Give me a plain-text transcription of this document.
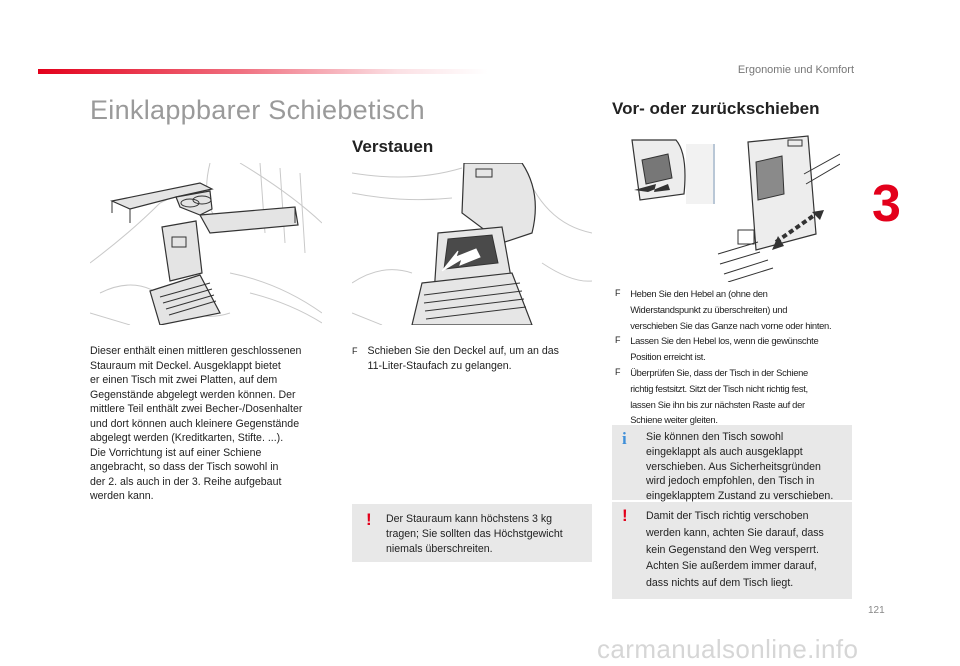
Ergonomie und Komfort
3
Einklappbarer Schiebetisch
Dieser enthält einen mittleren geschlossenen
Stauraum mit Deckel. Ausgeklappt bietet
er einen Tisch mit zwei Platten, auf dem
Gegenstände abgelegt werden können. Der
mittlere Teil enthält zwei Becher-/Dosenhalter
und dort können auch kleinere Gegenstände
abgelegt werden (Kreditkarten, Stifte. ...).
Die Vorrichtung ist auf einer Schiene
angebracht, so dass der Tisch sowohl in
der 2. als auch in der 3. Reihe aufgebaut
werden kann.
Verstauen
F Schieben Sie den Deckel auf, um an das
11-Liter-Staufach zu gelangen.
! Der Stauraum kann höchstens 3 kg
tragen; Sie sollten das Höchstgewicht
niemals überschreiten.
Vor- oder zurückschieben
F Heben Sie den Hebel an (ohne den
Widerstandspunkt zu überschreiten) und
verschieben Sie das Ganze nach vorne oder hinten.
F Lassen Sie den Hebel los, wenn die gewünschte
Position erreicht ist.
F Überprüfen Sie, dass der Tisch in der Schiene
richtig festsitzt. Sitzt der Tisch nicht richtig fest,
lassen Sie ihn bis zur nächsten Raste auf der
Schiene weiter gleiten.
i Sie können den Tisch sowohl
eingeklappt als auch ausgeklappt
verschieben. Aus Sicherheitsgründen
wird jedoch empfohlen, den Tisch in
eingeklapptem Zustand zu verschieben.
! Damit der Tisch richtig verschoben
werden kann, achten Sie darauf, dass
kein Gegenstand den Weg versperrt.
Achten Sie außerdem immer darauf,
dass nichts auf dem Tisch liegt.
121
carmanualsonline.info
